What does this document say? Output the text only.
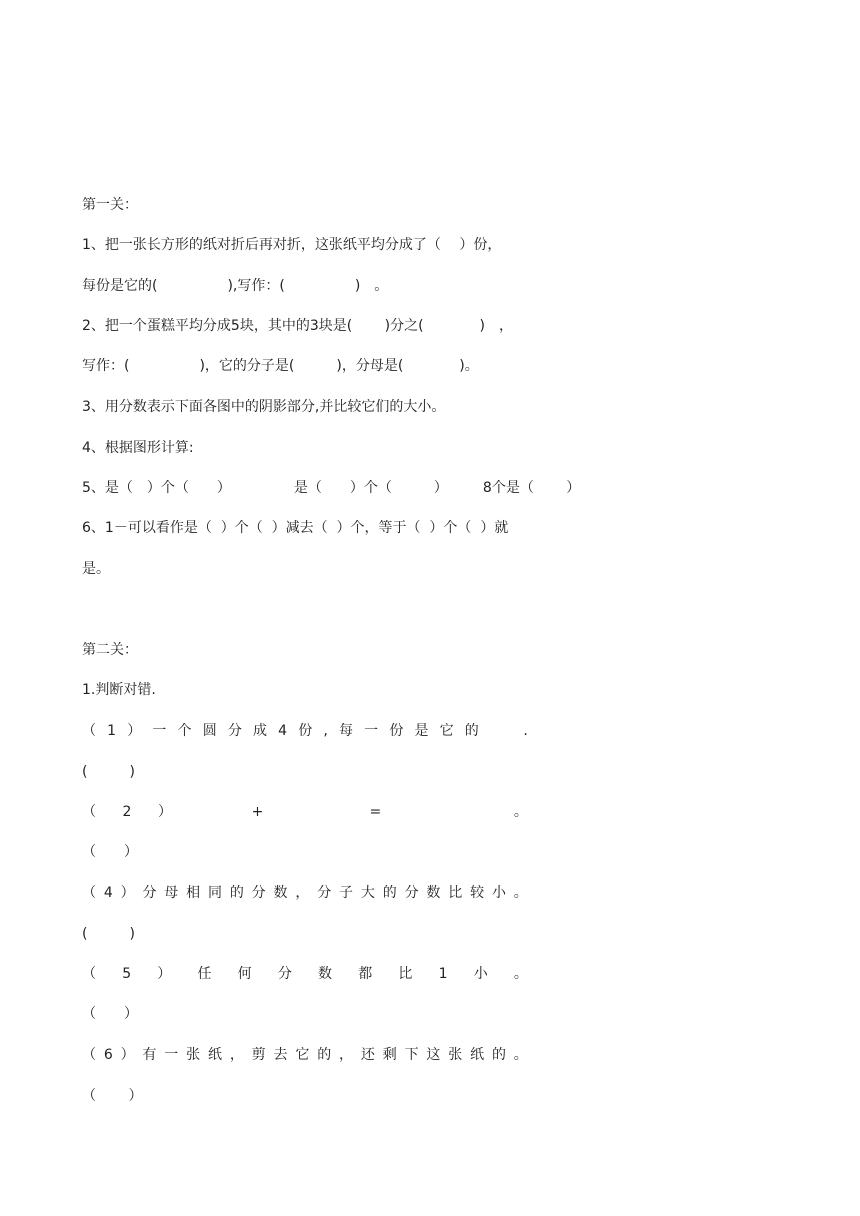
第一关：
1、把一张长方形的纸对折后再对折，这张纸平均分成了（　 ）份，
每份是它的(　　　　　),写作：(　　　　　)　。
2、把一个蛋糕平均分成5块，其中的3块是(　　 )分之(　　　　)　，
写作：(　　　　　)，它的分子是(　　　)，分母是(　　　　)。
3、用分数表示下面各图中的阴影部分,并比较它们的大小。
4、根据图形计算:
5、是（　）个（　　）　　　　　是（　　）个（　　　）　　　8个是（　　 ）
6、1－可以看作是（  ）个（  ）减去（  ）个，等于（  ）个（  ）就
是。
第二关：
1.判断对错.
（ 1 ） 一 个 圆 分 成 4 份 , 每 一 份 是 它 的	.
(　　　)
（ 2 ）	+	=	。
（　　）
（ 4 ） 分 母 相 同 的 分 数 ， 分 子 大 的 分 数 比 较 小 。
(　　　)
（ 5 ） 任 何 分 数 都 比 1 小 。
（　　）
（ 6 ） 有 一 张 纸 ， 剪 去 它 的 ， 还 剩 下 这 张 纸 的 。
（　　 ）
